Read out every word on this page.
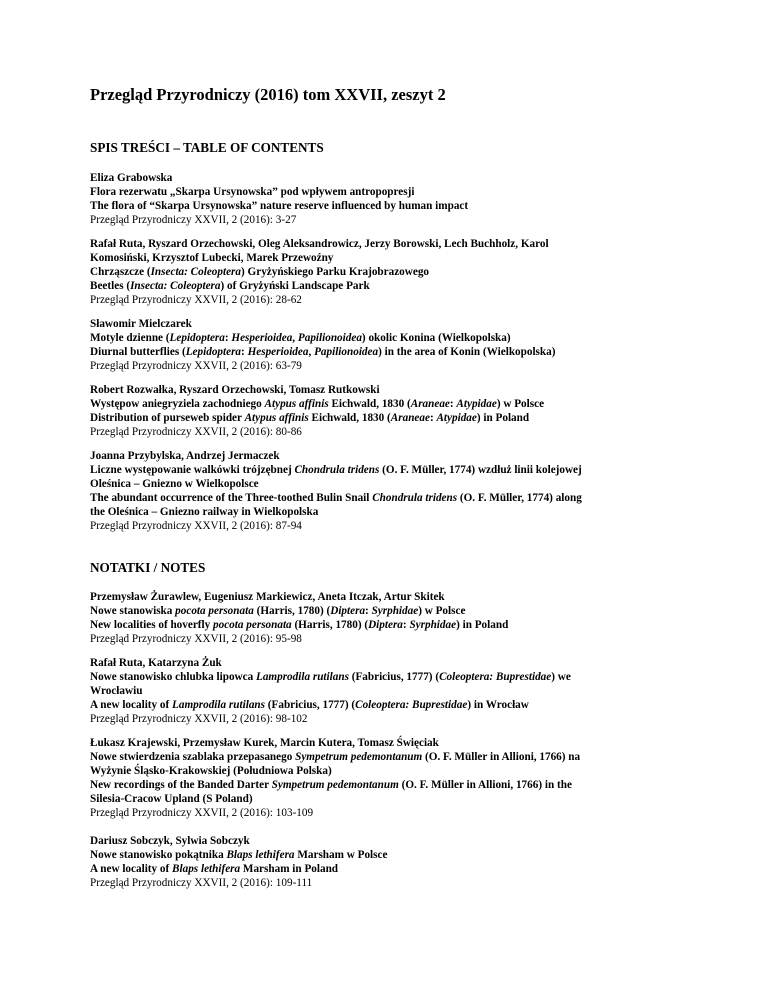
Przegląd Przyrodniczy (2016) tom XXVII, zeszyt 2
SPIS TREŚCI – TABLE OF CONTENTS
Eliza Grabowska
Flora rezerwatu „Skarpa Ursynowska” pod wpływem antropopresji
The flora of “Skarpa Ursynowska” nature reserve influenced by human impact
Przegląd Przyrodniczy XXVII, 2 (2016): 3-27
Rafał Ruta, Ryszard Orzechowski, Oleg Aleksandrowicz, Jerzy Borowski, Lech Buchholz, Karol
Komosiński, Krzysztof Lubecki, Marek Przewoźny
Chrząszcze (Insecta: Coleoptera) Gryżyńskiego Parku Krajobrazowego
Beetles (Insecta: Coleoptera) of Gryżyński Landscape Park
Przegląd Przyrodniczy XXVII, 2 (2016): 28-62
Sławomir Mielczarek
Motyle dzienne (Lepidoptera: Hesperioidea, Papilionoidea) okolic Konina (Wielkopolska)
Diurnal butterflies (Lepidoptera: Hesperioidea, Papilionoidea) in the area of Konin (Wielkopolska)
Przegląd Przyrodniczy XXVII, 2 (2016): 63-79
Robert Rozwałka, Ryszard Orzechowski, Tomasz Rutkowski
Występow aniegryziela zachodniego Atypus affinis Eichwald, 1830 (Araneae: Atypidae) w Polsce
Distribution of purseweb spider Atypus affinis Eichwald, 1830 (Araneae: Atypidae) in Poland
Przegląd Przyrodniczy XXVII, 2 (2016): 80-86
Joanna Przybylska, Andrzej Jermaczek
Liczne występowanie walkówki trójzębnej Chondrula tridens (O. F. Müller, 1774) wzdłuż linii kolejowej
Oleśnica – Gniezno w Wielkopolsce
The abundant occurrence of the Three-toothed Bulin Snail Chondrula tridens (O. F. Müller, 1774) along
the Oleśnica – Gniezno railway in Wielkopolska
Przegląd Przyrodniczy XXVII, 2 (2016): 87-94
NOTATKI / NOTES
Przemysław Żurawlew, Eugeniusz Markiewicz, Aneta Itczak, Artur Skitek
Nowe stanowiska pocota personata (Harris, 1780) (Diptera: Syrphidae) w Polsce
New localities of hoverfly pocota personata (Harris, 1780) (Diptera: Syrphidae) in Poland
Przegląd Przyrodniczy XXVII, 2 (2016): 95-98
Rafał Ruta, Katarzyna Żuk
Nowe stanowisko chlubka lipowca Lamprodila rutilans (Fabricius, 1777) (Coleoptera: Buprestidae) we
Wrocławiu
A new locality of Lamprodila rutilans (Fabricius, 1777) (Coleoptera: Buprestidae) in Wrocław
Przegląd Przyrodniczy XXVII, 2 (2016): 98-102
Łukasz Krajewski, Przemysław Kurek, Marcin Kutera, Tomasz Święciak
Nowe stwierdzenia szablaka przepasanego Sympetrum pedemontanum (O. F. Müller in Allioni, 1766) na
Wyżynie Śląsko-Krakowskiej (Południowa Polska)
New recordings of the Banded Darter Sympetrum pedemontanum (O. F. Müller in Allioni, 1766) in the
Silesia-Cracow Upland (S Poland)
Przegląd Przyrodniczy XXVII, 2 (2016): 103-109
Dariusz Sobczyk, Sylwia Sobczyk
Nowe stanowisko pokątnika Blaps lethifera Marsham w Polsce
A new locality of Blaps lethifera Marsham in Poland
Przegląd Przyrodniczy XXVII, 2 (2016): 109-111
